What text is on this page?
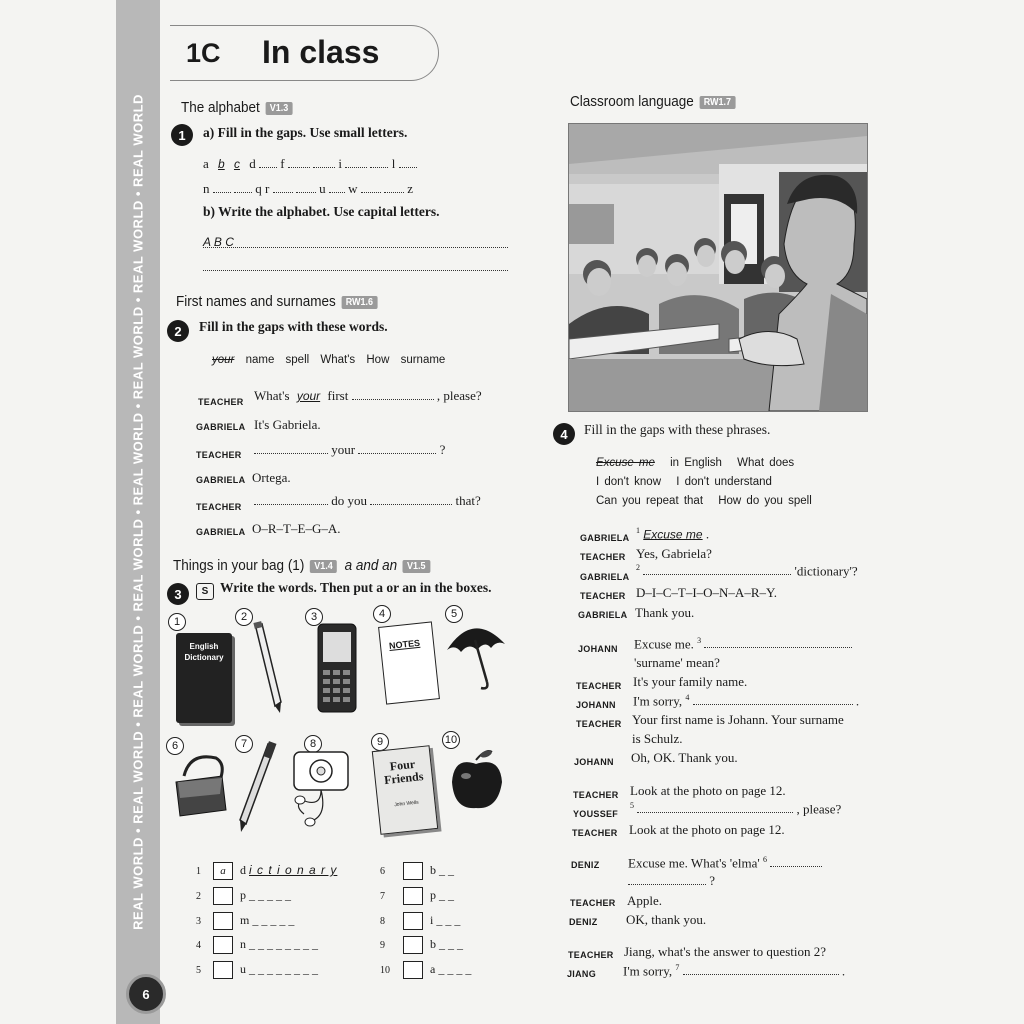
REAL WORLD • REAL WORLD • REAL WORLD • REAL WORLD • REAL WORLD • REAL WORLD • REAL WORLD • REAL WORLD
6
1C In class
The alphabet V1.3
1	a) Fill in the gaps. Use small letters.
a b c d f	i	l
n	q r	u w	z
b) Write the alphabet. Use capital letters.
A B C
First names and surnames RW1.6
2	Fill in the gaps with these words.
your name spell What's How surname
TEACHER What's your first	, please?
GABRIELA It's Gabriela.
TEACHER	your	?
GABRIELA Ortega.
TEACHER	do you	that?
GABRIELA O–R–T–E–G–A.
Things in your bag (1) V1.4 a and an V1.5
3	S Write the words. Then put a or an in the boxes.
1	2	3	4	5
6	7	8	9	10
English Dictionary
NOTES
Four Friends
John Wells
1 a d i c t i o n a r y
2	p _ _ _ _ _
3	m _ _ _ _ _
4	n _ _ _ _ _ _ _ _
5	u _ _ _ _ _ _ _ _
6	b _ _
7	p _ _
8	i _ _ _
9	b _ _ _
10	a _ _ _ _
Classroom language RW1.7
4	Fill in the gaps with these phrases.
Excuse me in English What does
I don't know I don't understand
Can you repeat that How do you spell
GABRIELA
$^1$ Excuse me .
TEACHER Yes, Gabriela?
GABRIELA
$^2$	'dictionary'?
TEACHER D–I–C–T–I–O–N–A–R–Y.
GABRIELA Thank you.
JOHANN Excuse me. $^3$
'surname' mean?
TEACHER It's your family name.
JOHANN I'm sorry, $^4$	.
TEACHER Your first name is Johann. Your surname
is Schulz.
JOHANN Oh, OK. Thank you.
TEACHER Look at the photo on page 12.
YOUSSEF
$^5$	, please?
TEACHER Look at the photo on page 12.
DENIZ Excuse me. What's 'elma' $^6$
?
TEACHER Apple.
DENIZ OK, thank you.
TEACHER Jiang, what's the answer to question 2?
JIANG I'm sorry, $^7$	.
